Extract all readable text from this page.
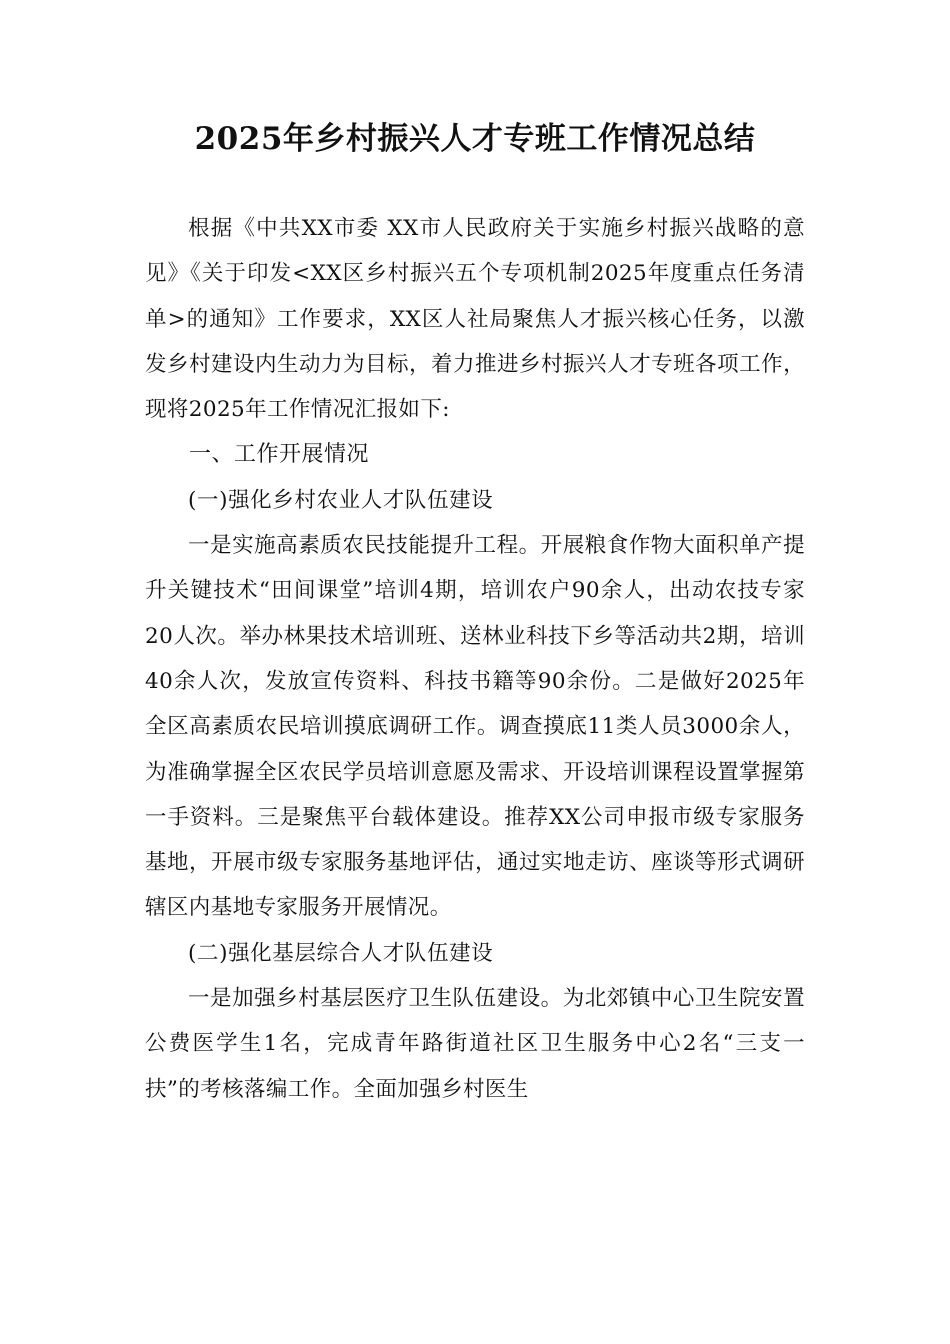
2025年乡村振兴人才专班工作情况总结

根据《中共XX市委 XX市人民政府关于实施乡村振兴战略的意见》《关于印发<XX区乡村振兴五个专项机制2025年度重点任务清单>的通知》工作要求，XX区人社局聚焦人才振兴核心任务，以激发乡村建设内生动力为目标，着力推进乡村振兴人才专班各项工作，现将2025年工作情况汇报如下:

一、工作开展情况

(一)强化乡村农业人才队伍建设

一是实施高素质农民技能提升工程。开展粮食作物大面积单产提升关键技术“田间课堂”培训4期，培训农户90余人，出动农技专家20人次。举办林果技术培训班、送林业科技下乡等活动共2期，培训40余人次，发放宣传资料、科技书籍等90余份。二是做好2025年全区高素质农民培训摸底调研工作。调查摸底11类人员3000余人，为准确掌握全区农民学员培训意愿及需求、开设培训课程设置掌握第一手资料。三是聚焦平台载体建设。推荐XX公司申报市级专家服务基地，开展市级专家服务基地评估，通过实地走访、座谈等形式调研辖区内基地专家服务开展情况。

(二)强化基层综合人才队伍建设

一是加强乡村基层医疗卫生队伍建设。为北郊镇中心卫生院安置公费医学生1名，完成青年路街道社区卫生服务中心2名“三支一扶”的考核落编工作。全面加强乡村医生
